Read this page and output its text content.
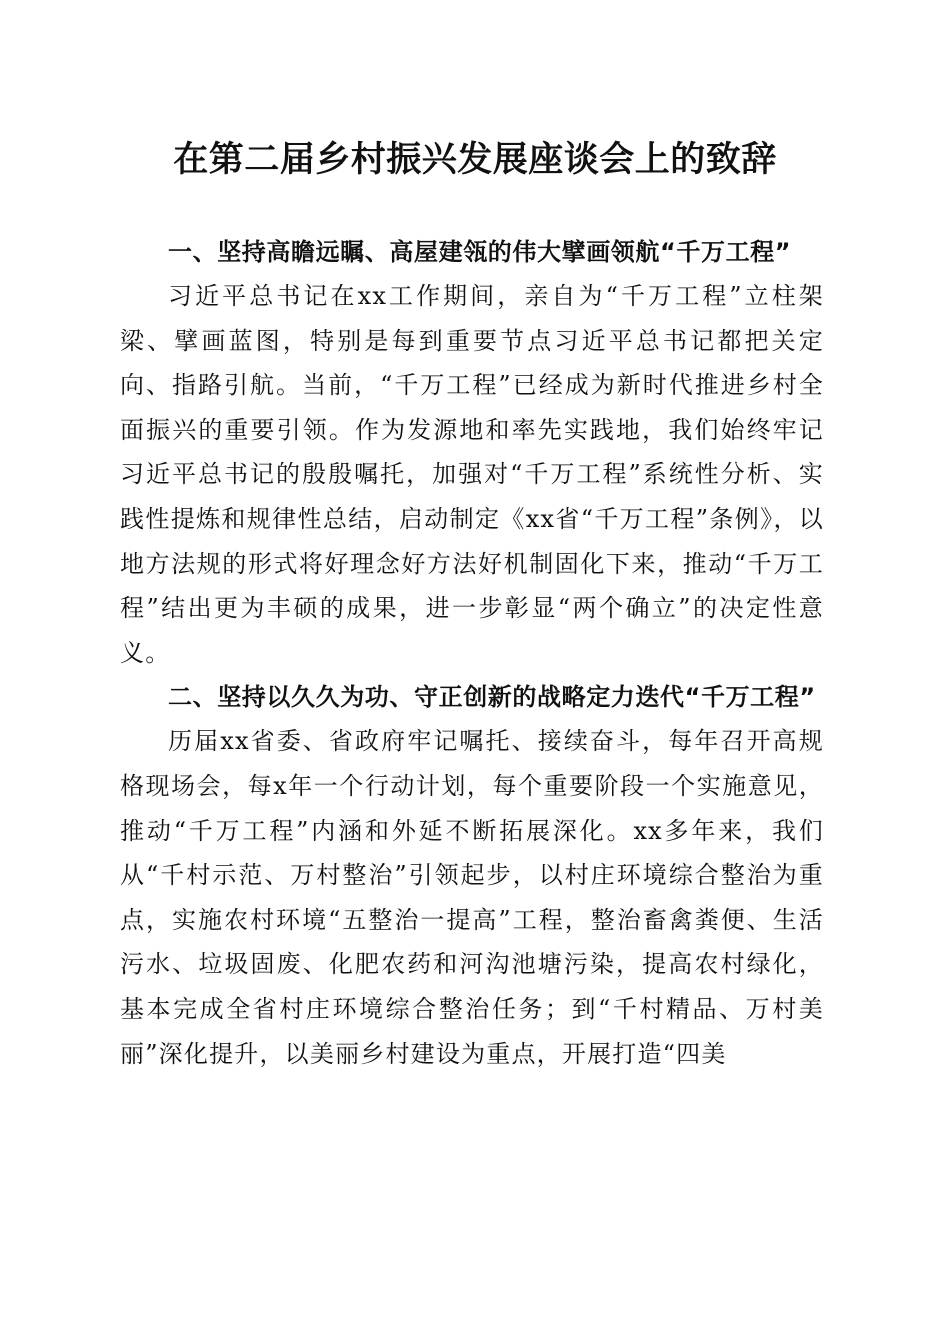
在第二届乡村振兴发展座谈会上的致辞

一、坚持高瞻远瞩、高屋建瓴的伟大擘画领航“千万工程”

习近平总书记在xx工作期间，亲自为“千万工程”立柱架梁、擘画蓝图，特别是每到重要节点习近平总书记都把关定向、指路引航。当前，“千万工程”已经成为新时代推进乡村全面振兴的重要引领。作为发源地和率先实践地，我们始终牢记习近平总书记的殷殷嘱托，加强对“千万工程”系统性分析、实践性提炼和规律性总结，启动制定《xx省“千万工程”条例》，以地方法规的形式将好理念好方法好机制固化下来，推动“千万工程”结出更为丰硕的成果，进一步彰显“两个确立”的决定性意义。

二、坚持以久久为功、守正创新的战略定力迭代“千万工程”

历届xx省委、省政府牢记嘱托、接续奋斗，每年召开高规格现场会，每x年一个行动计划，每个重要阶段一个实施意见，推动“千万工程”内涵和外延不断拓展深化。xx多年来，我们从“千村示范、万村整治”引领起步，以村庄环境综合整治为重点，实施农村环境“五整治一提高”工程，整治畜禽粪便、生活污水、垃圾固废、化肥农药和河沟池塘污染，提高农村绿化，基本完成全省村庄环境综合整治任务；到“千村精品、万村美丽”深化提升，以美丽乡村建设为重点，开展打造“四美
